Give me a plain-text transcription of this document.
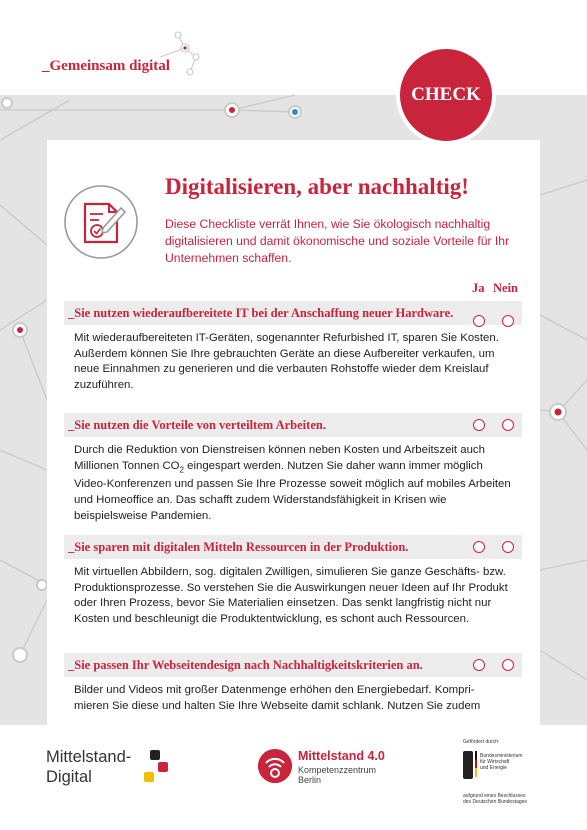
_Gemeinsam digital
CHECK
Digitalisieren, aber nachhaltig!
Diese Checkliste verrät Ihnen, wie Sie ökologisch nachhaltig digitalisieren und damit ökonomische und soziale Vorteile für Ihr Unternehmen schaffen.
Ja Nein
_Sie nutzen wiederaufbereitete IT bei der Anschaffung neuer Hardware.
Mit wiederaufbereiteten IT-Geräten, sogenannter Refurbished IT, sparen Sie Kosten. Außerdem können Sie Ihre gebrauchten Geräte an diese Aufbereiter verkaufen, um neue Einnahmen zu generieren und die verbauten Rohstoffe wieder dem Kreislauf zuzuführen.
_Sie nutzen die Vorteile von verteiltem Arbeiten.
Durch die Reduktion von Dienstreisen können neben Kosten und Arbeitszeit auch Millionen Tonnen $CO_2$ eingespart werden. Nutzen Sie daher wann immer möglich Video-Konferenzen und passen Sie Ihre Prozesse soweit möglich auf mobiles Arbeiten und Homeoffice an. Das schafft zudem Widerstandsfähigkeit in Krisen wie beispielsweise Pandemien.
_Sie sparen mit digitalen Mitteln Ressourcen in der Produktion.
Mit virtuellen Abbildern, sog. digitalen Zwilligen, simulieren Sie ganze Geschäfts- bzw. Produktionsprozesse. So verstehen Sie die Auswirkungen neuer Ideen auf Ihr Produkt oder Ihren Prozess, bevor Sie Materialien einsetzen. Das senkt langfristig nicht nur Kosten und beschleunigt die Produktentwicklung, es schont auch Ressourcen.
_Sie passen Ihr Webseitendesign nach Nachhaltigkeitskriterien an.
Bilder und Videos mit großer Datenmenge erhöhen den Energiebedarf. Kompri- mieren Sie diese und halten Sie Ihre Webseite damit schlank. Nutzen Sie zudem
Mittelstand-
Digital
Mittelstand 4.0
Kompetenzzentrum
Berlin
Gefördert durch:
Bundesministerium
für Wirtschaft
und Energie
aufgrund eines Beschlusses
des Deutschen Bundestages
